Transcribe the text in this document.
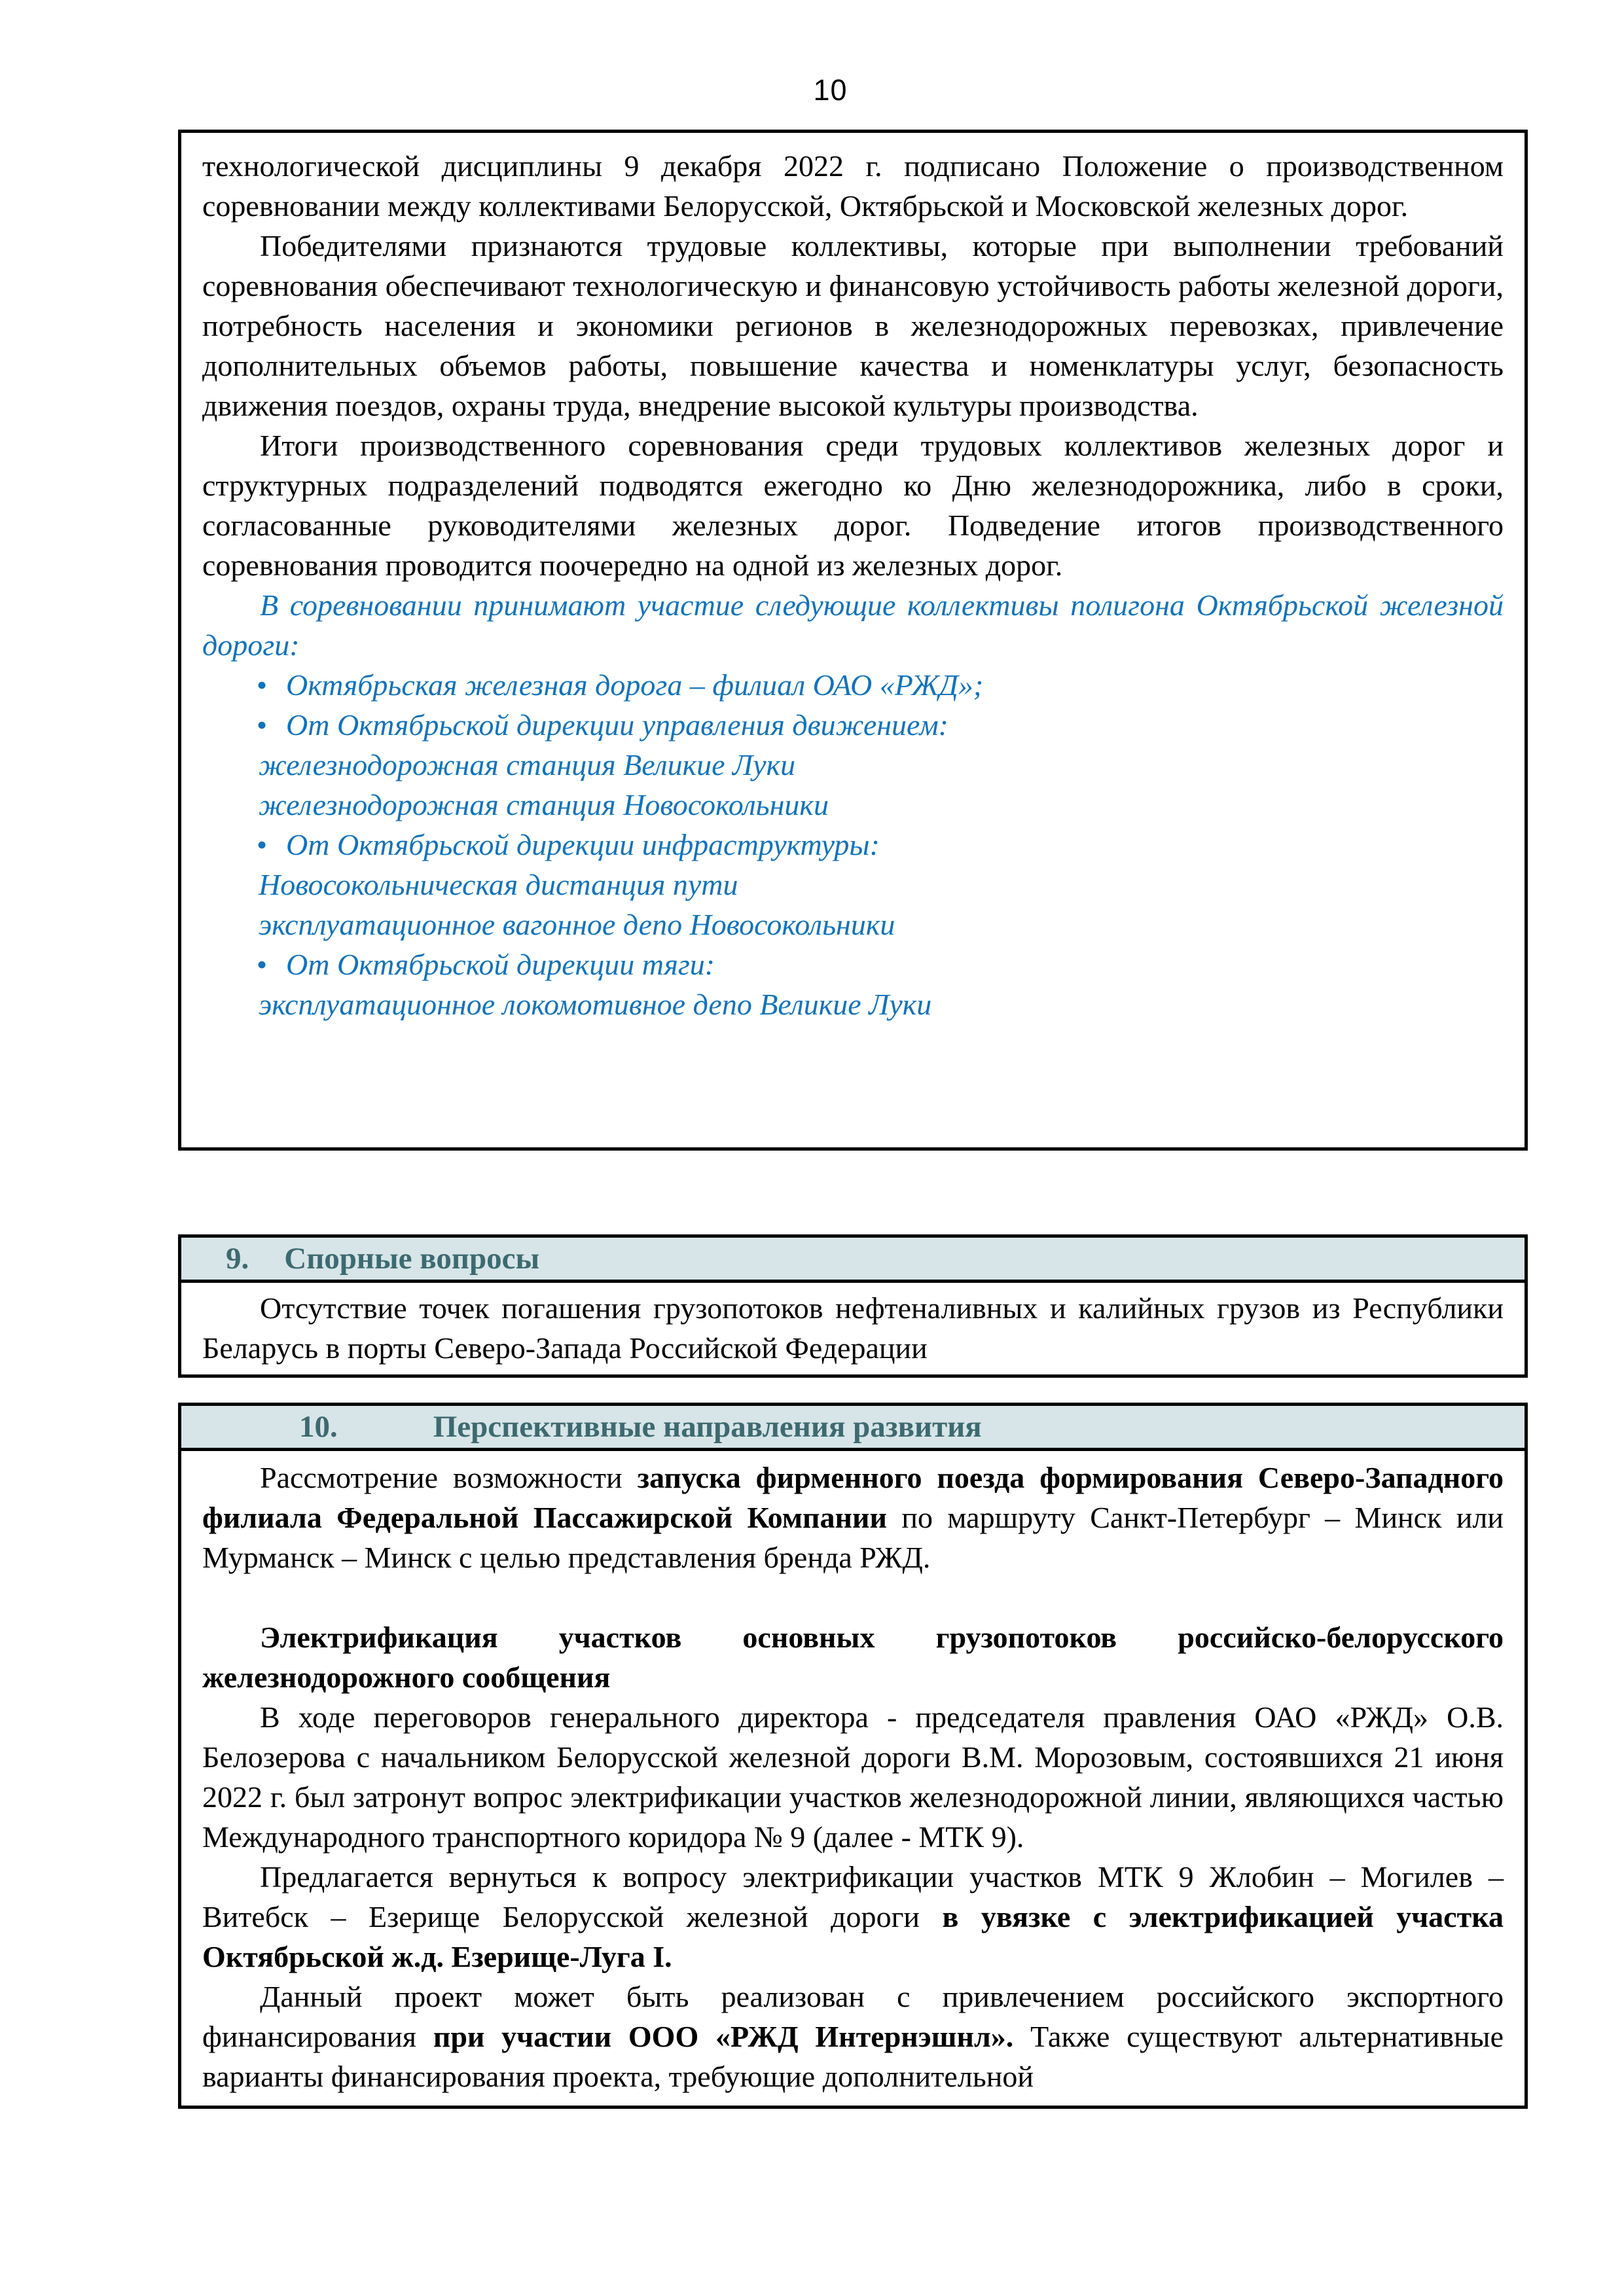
10

технологической дисциплины 9 декабря 2022 г. подписано Положение о производственном соревновании между коллективами Белорусской, Октябрьской и Московской железных дорог.

Победителями признаются трудовые коллективы, которые при выполнении требований соревнования обеспечивают технологическую и финансовую устойчивость работы железной дороги, потребность населения и экономики регионов в железнодорожных перевозках, привлечение дополнительных объемов работы, повышение качества и номенклатуры услуг, безопасность движения поездов, охраны труда, внедрение высокой культуры производства.

Итоги производственного соревнования среди трудовых коллективов железных дорог и структурных подразделений подводятся ежегодно ко Дню железнодорожника, либо в сроки, согласованные руководителями железных дорог. Подведение итогов производственного соревнования проводится поочередно на одной из железных дорог.

В соревновании принимают участие следующие коллективы полигона Октябрьской железной дороги:

• Октябрьская железная дорога – филиал ОАО «РЖД»;

• От Октябрьской дирекции управления движением:

железнодорожная станция Великие Луки

железнодорожная станция Новосокольники

• От Октябрьской дирекции инфраструктуры:

Новосокольническая дистанция пути

эксплуатационное вагонное депо Новосокольники

• От Октябрьской дирекции тяги:

эксплуатационное локомотивное депо Великие Луки

9. Спорные вопросы

Отсутствие точек погашения грузопотоков нефтеналивных и калийных грузов из Республики Беларусь в порты Северо-Запада Российской Федерации

10.	Перспективные направления развития

Рассмотрение возможности запуска фирменного поезда формирования Северо-Западного филиала Федеральной Пассажирской Компании по маршруту Санкт-Петербург – Минск или Мурманск – Минск с целью представления бренда РЖД.

Электрификация участков основных грузопотоков российско-белорусского железнодорожного сообщения

В ходе переговоров генерального директора - председателя правления ОАО «РЖД» О.В. Белозерова с начальником Белорусской железной дороги В.М. Морозовым, состоявшихся 21 июня 2022 г. был затронут вопрос электрификации участков железнодорожной линии, являющихся частью Международного транспортного коридора № 9 (далее - МТК 9).

Предлагается вернуться к вопросу электрификации участков МТК 9 Жлобин – Могилев – Витебск – Езерище Белорусской железной дороги в увязке с электрификацией участка Октябрьской ж.д. Езерище-Луга I.

Данный проект может быть реализован с привлечением российского экспортного финансирования при участии ООО «РЖД Интернэшнл». Также существуют альтернативные варианты финансирования проекта, требующие дополнительной
